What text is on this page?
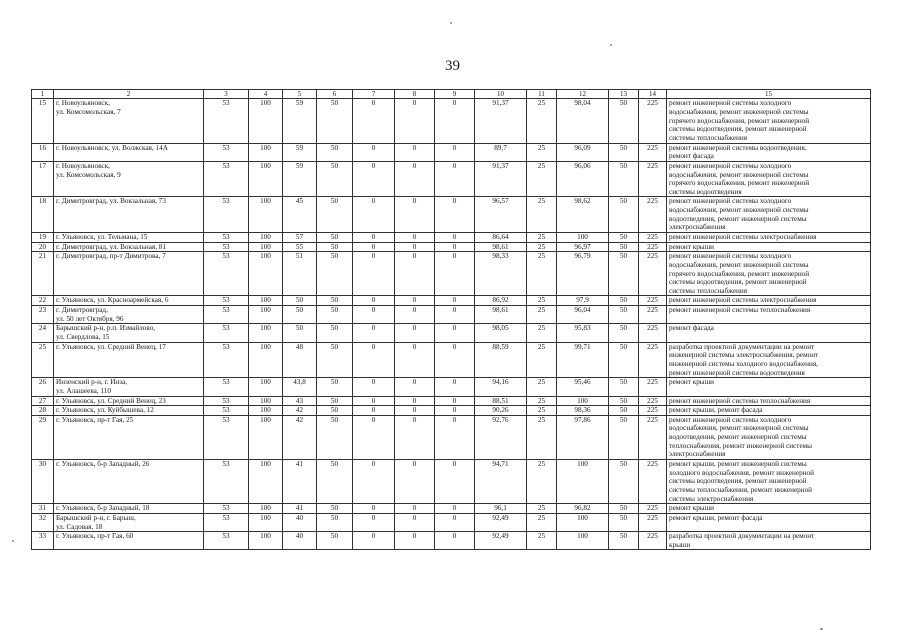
39
1	2	3	4	5	6	7	8	9	10	11	12	13	14	15
15	г. Новоульяновск,
ул. Комсомольская, 7	53	100	59	50	0	0	0	91,37	25	98,04	50	225	ремонт инженерной системы холодного
водоснабжения, ремонт инженерной системы
горячего водоснабжения, ремонт инженерной
системы водоотведения, ремонт инженерной
системы теплоснабжения

16	г. Новоульяновск, ул. Волжская, 14А	53	100	59	50	0	0	0	89,7	25	96,09	50	225	ремонт инженерной системы водоотведения,
ремонт фасада

17	г. Новоульяновск,
ул. Комсомольская, 9	53	100	59	50	0	0	0	91,37	25	96,06	50	225	ремонт инженерной системы холодного
водоснабжения, ремонт инженерной системы
горячего водоснабжения, ремонт инженерной
системы водоотведения

18	г. Димитровград, ул. Вокзальная, 73	53	100	45	50	0	0	0	96,57	25	98,62	50	225	ремонт инженерной системы холодного
водоснабжения, ремонт инженерной системы
водоотведения, ремонт инженерной системы
электроснабжения

19	г. Ульяновск, ул. Тельмана, 15	53	100	57	50	0	0	0	86,64	25	100	50	225	ремонт инженерной системы электроснабжения

20	г. Димитровград, ул. Вокзальная, 81	53	100	55	50	0	0	0	98,61	25	96,97	50	225	ремонт крыши

21	г. Димитровград, пр-т Димитрова, 7	53	100	51	50	0	0	0	98,33	25	96,79	50	225	ремонт инженерной системы холодного
водоснабжения, ремонт инженерной системы
горячего водоснабжения, ремонт инженерной
системы водоотведения, ремонт инженерной
системы теплоснабжения

22	г. Ульяновск, ул. Красноармейская, 6	53	100	50	50	0	0	0	86,92	25	97,9	50	225	ремонт инженерной системы электроснабжения

23	г. Димитровград,
ул. 50 лет Октября, 96	53	100	50	50	0	0	0	98,61	25	96,04	50	225	ремонт инженерной системы теплоснабжения

24	Барышский р-н, р.п. Измайлово,
ул. Свердлова, 15	53	100	50	50	0	0	0	98,05	25	95,83	50	225	ремонт фасада

25	г. Ульяновск, ул. Средний Венец, 17	53	100	48	50	0	0	0	88,59	25	99,71	50	225	разработка проектной документации на ремонт
инженерной системы электроснабжения, ремонт
инженерной системы холодного водоснабжения,
ремонт инженерной системы водоотведения

26	Инзенский р-н, г. Инза,
ул. Алашеева, 110	53	100	43,8	50	0	0	0	94,16	25	95,46	50	225	ремонт крыши

27	г. Ульяновск, ул. Средний Венец, 23	53	100	43	50	0	0	0	88,51	25	100	50	225	ремонт инженерной системы теплоснабжения

28	г. Ульяновск, ул. Куйбышева, 12	53	100	42	50	0	0	0	90,26	25	98,36	50	225	ремонт крыши, ремонт фасада

29	г. Ульяновск, пр-т Гая, 25	53	100	42	50	0	0	0	92,76	25	97,86	50	225	ремонт инженерной системы холодного
водоснабжения, ремонт инженерной системы
водоотведения, ремонт инженерной системы
теплоснабжения, ремонт инженерной системы
электроснабжения

30	г. Ульяновск, б-р Западный, 26	53	100	41	50	0	0	0	94,71	25	100	50	225	ремонт крыши, ремонт инженерной системы
холодного водоснабжения, ремонт инженерной
системы водоотведения, ремонт инженерной
системы теплоснабжения, ремонт инженерной
системы электроснабжения

31	г. Ульяновск, б-р Западный, 18	53	100	41	50	0	0	0	96,1	25	96,82	50	225	ремонт крыши

32	Барышский р-н, г. Барыш,
ул. Садовая, 18	53	100	40	50	0	0	0	92,49	25	100	50	225	ремонт крыши, ремонт фасада

33	г. Ульяновск, пр-т Гая, 60	53	100	40	50	0	0	0	92,49	25	100	50	225	разработка проектной документации на ремонт
крыши
